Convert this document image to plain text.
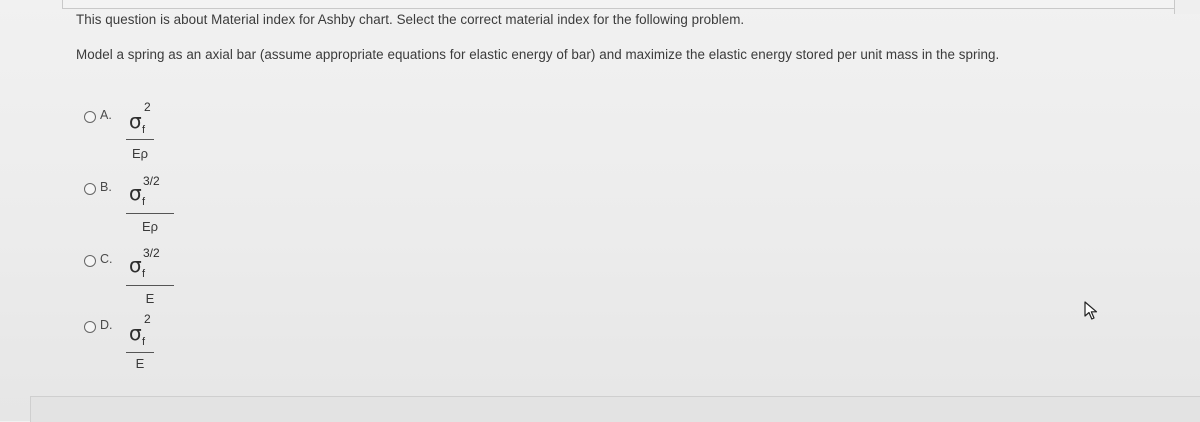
This question is about Material index for Ashby chart. Select the correct material index for the following problem.
Model a spring as an axial bar (assume appropriate equations for elastic energy of bar) and maximize the elastic energy stored per unit mass in the spring.
A. σ f
2
Eρ
B. σ f
3/2
Eρ
C. σ f
3/2
E
D. σ f
2
E
